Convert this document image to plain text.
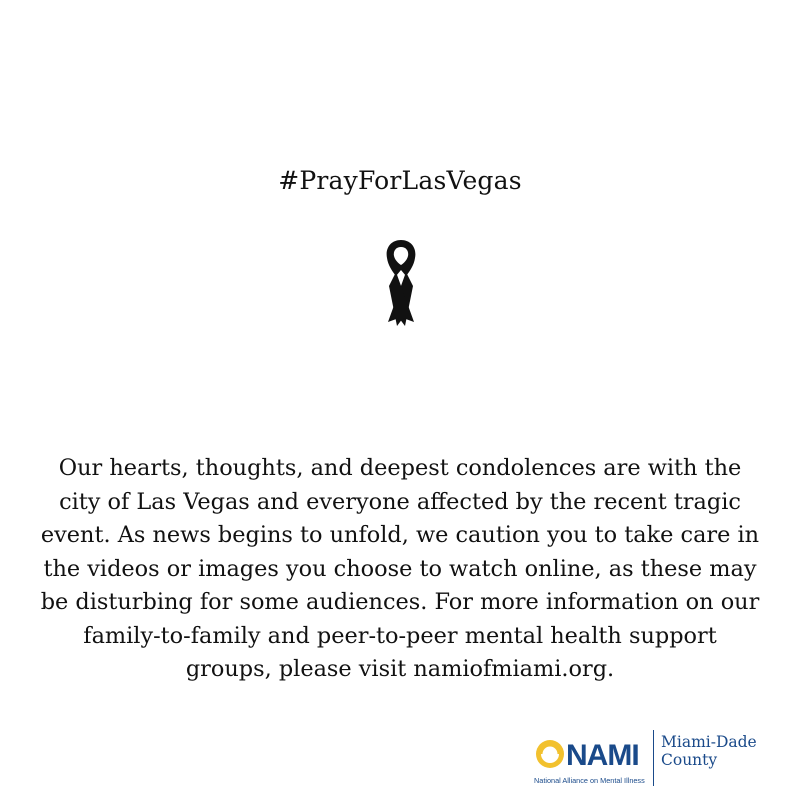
#PrayForLasVegas
Our hearts, thoughts, and deepest condolences are with the city of Las Vegas and everyone affected by the recent tragic event. As news begins to unfold, we caution you to take care in the videos or images you choose to watch online, as these may be disturbing for some audiences. For more information on our family-to-family and peer-to-peer mental health support groups, please visit namiofmiami.org.
NAMI
National Alliance on Mental Illness
Miami-Dade
County
